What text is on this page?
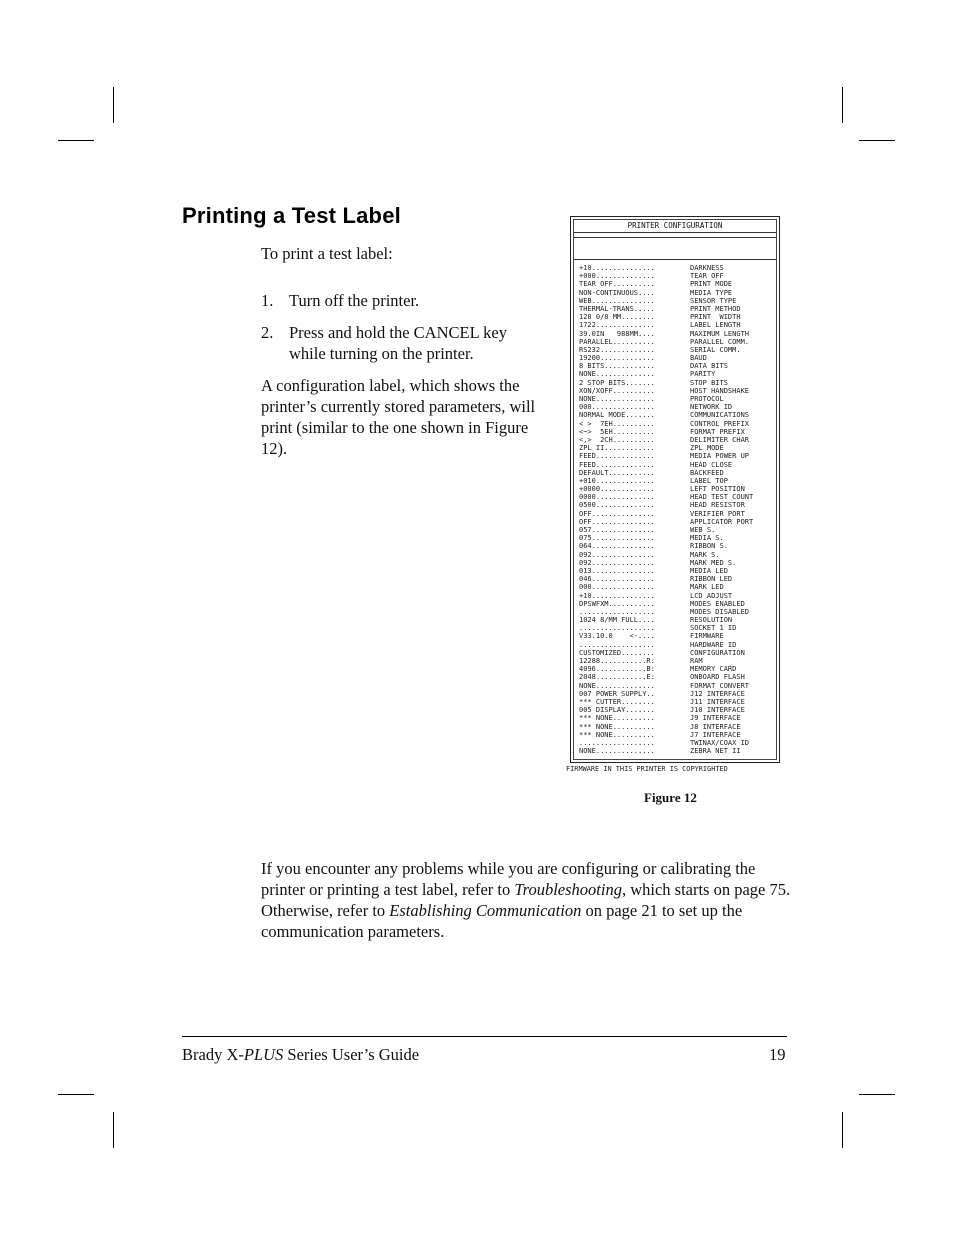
Printing a Test Label
To print a test label:
1. Turn off the printer.
2. Press and hold the CANCEL key while turning on the printer.
A configuration label, which shows the printer’s currently stored parameters, will print (similar to the one shown in Figure 12).
PRINTER CONFIGURATION
+10...............	DARKNESS
+000..............	TEAR OFF
TEAR OFF..........	PRINT MODE
NON-CONTINUOUS....	MEDIA TYPE
WEB...............	SENSOR TYPE
THERMAL-TRANS.....	PRINT METHOD
128 0/8 MM........	PRINT  WIDTH
1722..............	LABEL LENGTH
39.0IN   988MM....	MAXIMUM LENGTH
PARALLEL..........	PARALLEL COMM.
RS232.............	SERIAL COMM.
19200.............	BAUD
8 BITS............	DATA BITS
NONE..............	PARITY
2 STOP BITS.......	STOP BITS
XON/XOFF..........	HOST HANDSHAKE
NONE..............	PROTOCOL
000...............	NETWORK ID
NORMAL MODE.......	COMMUNICATIONS
< >  7EH..........	CONTROL PREFIX
<~>  5EH..........	FORMAT PREFIX
<,>  2CH..........	DELIMITER CHAR
ZPL II............	ZPL MODE
FEED..............	MEDIA POWER UP
FEED..............	HEAD CLOSE
DEFAULT...........	BACKFEED
+010..............	LABEL TOP
+0000.............	LEFT POSITION
0000..............	HEAD TEST COUNT
0500..............	HEAD RESISTOR
OFF...............	VERIFIER PORT
OFF...............	APPLICATOR PORT
057...............	WEB S.
075...............	MEDIA S.
064...............	RIBBON S.
092...............	MARK S.
092...............	MARK MED S.
013...............	MEDIA LED
046...............	RIBBON LED
000...............	MARK LED
+10...............	LCD ADJUST
DPSWFXM...........	MODES ENABLED
..................	MODES DISABLED
1024 8/MM FULL....	RESOLUTION
..................	SOCKET 1 ID
V33.10.0    <-....	FIRMWARE
..................	HARDWARE ID
CUSTOMIZED........	CONFIGURATION
12288...........R:	RAM
4096............B:	MEMORY CARD
2048............E:	ONBOARD FLASH
NONE..............	FORMAT CONVERT
007 POWER SUPPLY..	J12 INTERFACE
*** CUTTER........	J11 INTERFACE
005 DISPLAY.......	J10 INTERFACE
*** NONE..........	J9 INTERFACE
*** NONE..........	J8 INTERFACE
*** NONE..........	J7 INTERFACE
..................	TWINAX/COAX ID
NONE..............	ZEBRA NET II
FIRMWARE IN THIS PRINTER IS COPYRIGHTED
Figure 12
If you encounter any problems while you are configuring or calibrating the printer or printing a test label, refer to Troubleshooting, which starts on page 75. Otherwise, refer to Establishing Communication on page 21 to set up the communication parameters.
Brady X-PLUS Series User’s Guide	19
